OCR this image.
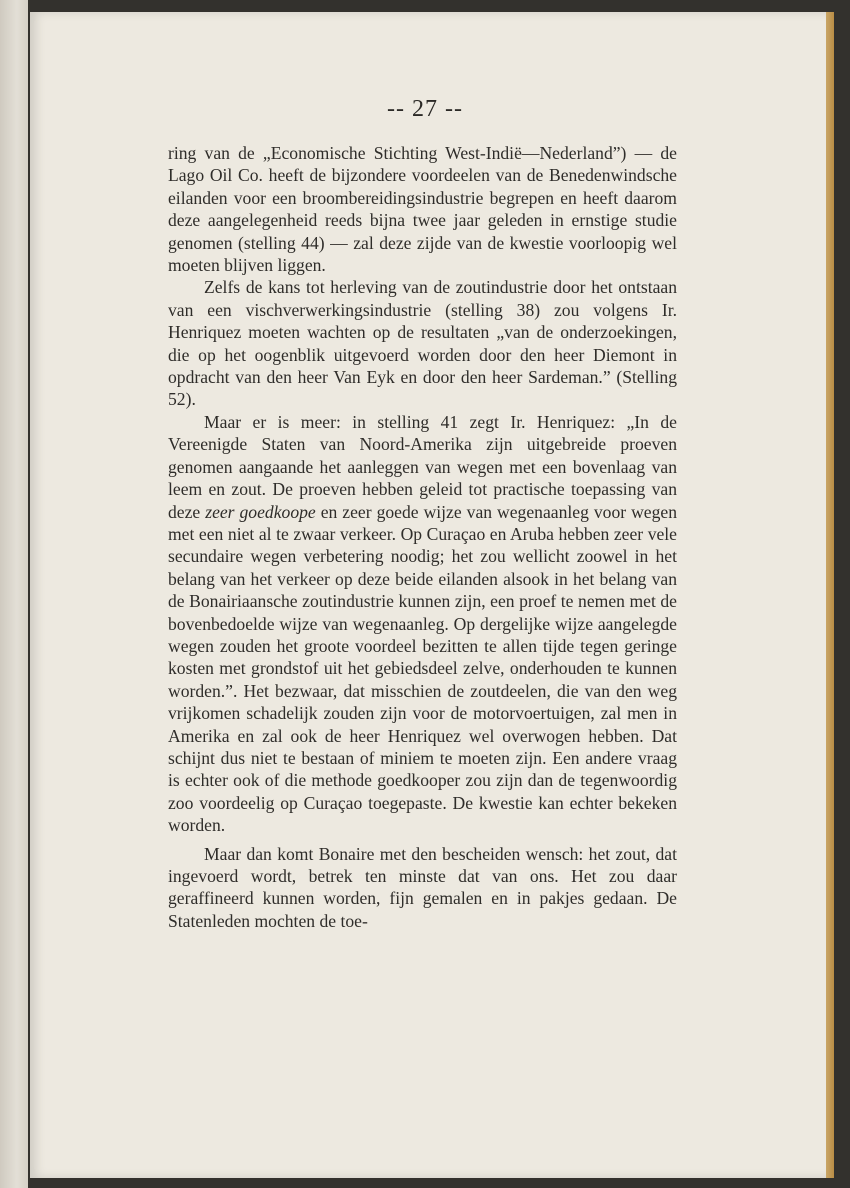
-- 27 --

ring van de „Economische Stichting West-Indië—Nederland”) — de Lago Oil Co. heeft de bijzondere voordeelen van de Benedenwindsche eilanden voor een broombereidingsindustrie begrepen en heeft daarom deze aangelegenheid reeds bijna twee jaar geleden in ernstige studie genomen (stelling 44) — zal deze zijde van de kwestie voorloopig wel moeten blijven liggen.

Zelfs de kans tot herleving van de zoutindustrie door het ontstaan van een vischverwerkingsindustrie (stelling 38) zou volgens Ir. Henriquez moeten wachten op de resultaten „van de onderzoekingen, die op het oogenblik uitgevoerd worden door den heer Diemont in opdracht van den heer Van Eyk en door den heer Sardeman.” (Stelling 52).

Maar er is meer: in stelling 41 zegt Ir. Henriquez: „In de Vereenigde Staten van Noord-Amerika zijn uitgebreide proeven genomen aangaande het aanleggen van wegen met een bovenlaag van leem en zout. De proeven hebben geleid tot practische toepassing van deze zeer goedkoope en zeer goede wijze van wegenaanleg voor wegen met een niet al te zwaar verkeer. Op Curaçao en Aruba hebben zeer vele secundaire wegen verbetering noodig; het zou wellicht zoowel in het belang van het verkeer op deze beide eilanden alsook in het belang van de Bonairiaansche zoutindustrie kunnen zijn, een proef te nemen met de bovenbedoelde wijze van wegenaanleg. Op dergelijke wijze aangelegde wegen zouden het groote voordeel bezitten te allen tijde tegen geringe kosten met grondstof uit het gebiedsdeel zelve, onderhouden te kunnen worden.”. Het bezwaar, dat misschien de zoutdeelen, die van den weg vrijkomen schadelijk zouden zijn voor de motorvoertuigen, zal men in Amerika en zal ook de heer Henriquez wel overwogen hebben. Dat schijnt dus niet te bestaan of miniem te moeten zijn. Een andere vraag is echter ook of die methode goedkooper zou zijn dan de tegenwoordig zoo voordeelig op Curaçao toegepaste. De kwestie kan echter bekeken worden.

Maar dan komt Bonaire met den bescheiden wensch: het zout, dat ingevoerd wordt, betrek ten minste dat van ons. Het zou daar geraffineerd kunnen worden, fijn gemalen en in pakjes gedaan. De Statenleden mochten de toe-
